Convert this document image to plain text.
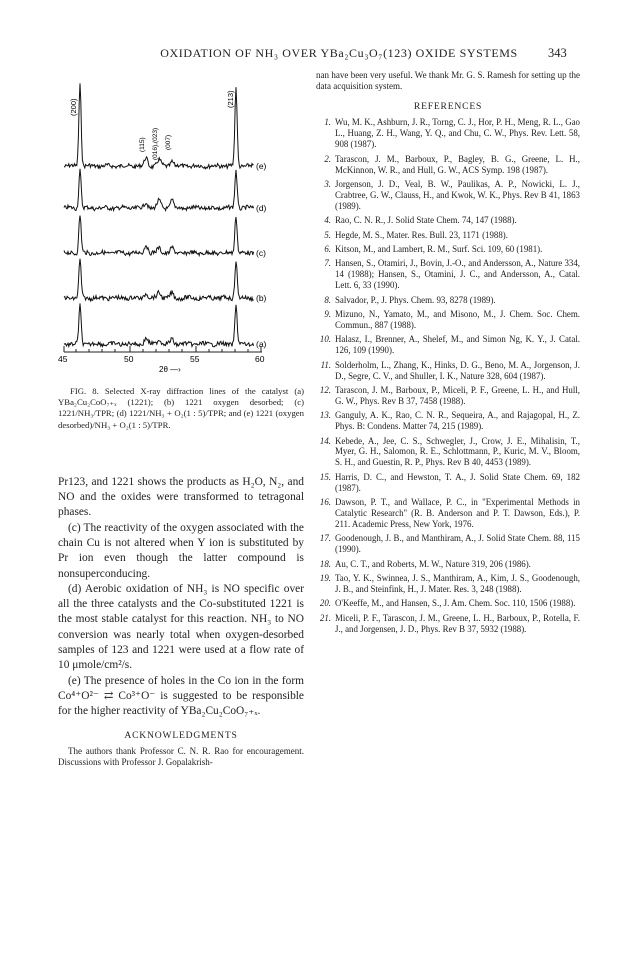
OXIDATION OF NH₃ OVER YBa₂Cu₃O₇(123) OXIDE SYSTEMS	343
(200)	(213)
(115) (016),(023) (007)
(e)
(d)
(c)
(b)
(a)
45	50	55	60
2θ —›

FIG. 8. Selected X-ray diffraction lines of the catalyst (a) YBa₂Cu₂CoO₇₊ₓ (1221); (b) 1221 oxygen desorbed; (c) 1221/NH₃/TPR; (d) 1221/NH₃ + O₂(1 : 5)/TPR; and (e) 1221 (oxygen desorbed)/NH₃ + O₂(1 : 5)/TPR.

Pr123, and 1221 shows the products as H₂O, N₂, and NO and the oxides were transformed to tetragonal phases.

(c) The reactivity of the oxygen associated with the chain Cu is not altered when Y ion is substituted by Pr ion even though the latter compound is nonsuperconducing.

(d) Aerobic oxidation of NH₃ is NO specific over all the three catalysts and the Co-substituted 1221 is the most stable catalyst for this reaction. NH₃ to NO conversion was nearly total when oxygen-desorbed samples of 123 and 1221 were used at a flow rate of 10 μmole/cm²/s.

(e) The presence of holes in the Co ion in the form Co⁴⁺O²⁻ ⇄ Co³⁺O⁻ is suggested to be responsible for the higher reactivity of YBa₂Cu₂CoO₇₊ₓ.

ACKNOWLEDGMENTS

The authors thank Professor C. N. R. Rao for encouragement. Discussions with Professor J. Gopalakrish-

nan have been very useful. We thank Mr. G. S. Ramesh for setting up the data acquisition system.

REFERENCES
1. Wu, M. K., Ashburn, J. R., Torng, C. J., Hor, P. H., Meng, R. L., Gao L., Huang, Z. H., Wang, Y. Q., and Chu, C. W., Phys. Rev. Lett. 58, 908 (1987).
2. Tarascon, J. M., Barboux, P., Bagley, B. G., Greene, L. H., McKinnon, W. R., and Hull, G. W., ACS Symp. 198 (1987).
3. Jorgenson, J. D., Veal, B. W., Paulikas, A. P., Nowicki, L. J., Crabtree, G. W., Clauss, H., and Kwok, W. K., Phys. Rev B 41, 1863 (1989).
4. Rao, C. N. R., J. Solid State Chem. 74, 147 (1988).
5. Hegde, M. S., Mater. Res. Bull. 23, 1171 (1988).
6. Kitson, M., and Lambert, R. M., Surf. Sci. 109, 60 (1981).
7. Hansen, S., Otamiri, J., Bovin, J.-O., and Andersson, A., Nature 334, 14 (1988); Hansen, S., Otamini, J. C., and Andersson, A., Catal. Lett. 6, 33 (1990).
8. Salvador, P., J. Phys. Chem. 93, 8278 (1989).
9. Mizuno, N., Yamato, M., and Misono, M., J. Chem. Soc. Chem. Commun., 887 (1988).
10. Halasz, I., Brenner, A., Shelef, M., and Simon Ng, K. Y., J. Catal. 126, 109 (1990).
11. Solderholm, L., Zhang, K., Hinks, D. G., Beno, M. A., Jorgenson, J. D., Segre, C. V., and Shuller, I. K., Nature 328, 604 (1987).
12. Tarascon, J. M., Barboux, P., Miceli, P. F., Greene, L. H., and Hull, G. W., Phys. Rev B 37, 7458 (1988).
13. Ganguly, A. K., Rao, C. N. R., Sequeira, A., and Rajagopal, H., Z. Phys. B: Condens. Matter 74, 215 (1989).
14. Kebede, A., Jee, C. S., Schwegler, J., Crow, J. E., Mihalisin, T., Myer, G. H., Salomon, R. E., Schlottmann, P., Kuric, M. V., Bloom, S. H., and Guestin, R. P., Phys. Rev B 40, 4453 (1989).
15. Harris, D. C., and Hewston, T. A., J. Solid State Chem. 69, 182 (1987).
16. Dawson, P. T., and Wallace, P. C., in "Experimental Methods in Catalytic Research" (R. B. Anderson and P. T. Dawson, Eds.), P. 211. Academic Press, New York, 1976.
17. Goodenough, J. B., and Manthiram, A., J. Solid State Chem. 88, 115 (1990).
18. Au, C. T., and Roberts, M. W., Nature 319, 206 (1986).
19. Tao, Y. K., Swinnea, J. S., Manthiram, A., Kim, J. S., Goodenough, J. B., and Steinfink, H., J. Mater. Res. 3, 248 (1988).
20. O'Keeffe, M., and Hansen, S., J. Am. Chem. Soc. 110, 1506 (1988).
21. Miceli, P. F., Tarascon, J. M., Greene, L. H., Barboux, P., Rotella, F. J., and Jorgensen, J. D., Phys. Rev B 37, 5932 (1988).
